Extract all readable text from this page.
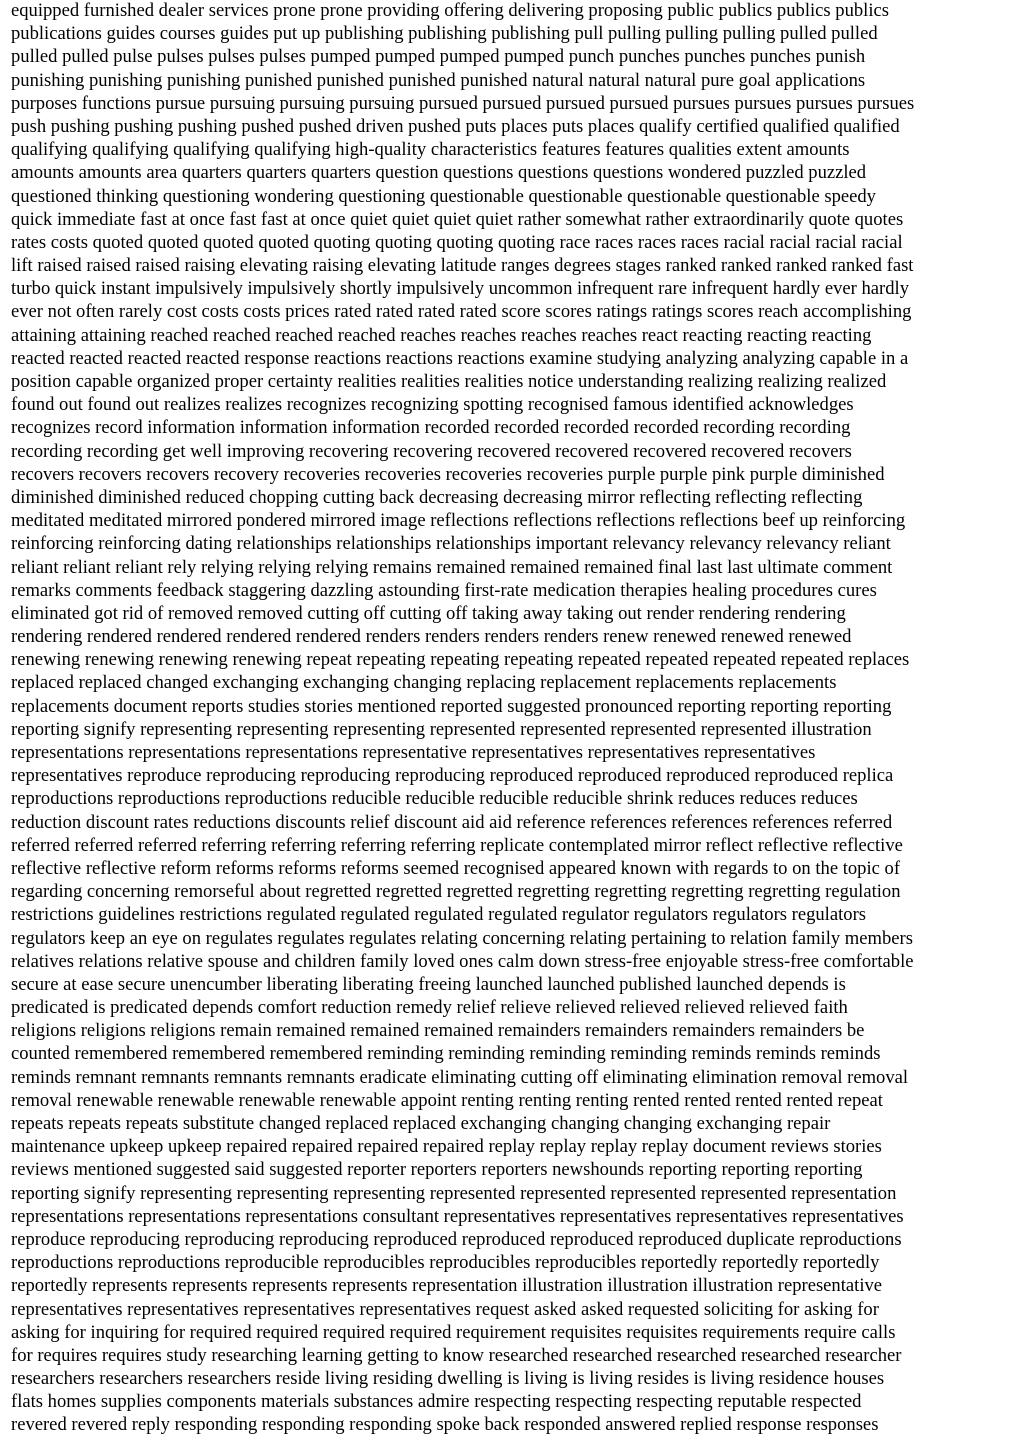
equipped furnished dealer services prone prone providing offering delivering proposing public publics publics publics
publications guides courses guides put up publishing publishing publishing pull pulling pulling pulling pulled pulled
pulled pulled pulse pulses pulses pulses pumped pumped pumped pumped punch punches punches punches punish
punishing punishing punishing punished punished punished punished natural natural natural pure goal applications
purposes functions pursue pursuing pursuing pursuing pursued pursued pursued pursued pursues pursues pursues pursues
push pushing pushing pushing pushed pushed driven pushed puts places puts places qualify certified qualified qualified
qualifying qualifying qualifying qualifying high-quality characteristics features features qualities extent amounts
amounts amounts area quarters quarters quarters question questions questions questions wondered puzzled puzzled
questioned thinking questioning wondering questioning questionable questionable questionable questionable speedy
quick immediate fast at once fast fast at once quiet quiet quiet quiet rather somewhat rather extraordinarily quote quotes
rates costs quoted quoted quoted quoted quoting quoting quoting quoting race races races races racial racial racial racial
lift raised raised raised raising elevating raising elevating latitude ranges degrees stages ranked ranked ranked ranked fast
turbo quick instant impulsively impulsively shortly impulsively uncommon infrequent rare infrequent hardly ever hardly
ever not often rarely cost costs costs prices rated rated rated rated score scores ratings ratings scores reach accomplishing
attaining attaining reached reached reached reached reaches reaches reaches reaches react reacting reacting reacting
reacted reacted reacted reacted response reactions reactions reactions examine studying analyzing analyzing capable in a
position capable organized proper certainty realities realities realities notice understanding realizing realizing realized
found out found out realizes realizes recognizes recognizing spotting recognised famous identified acknowledges
recognizes record information information information recorded recorded recorded recorded recording recording
recording recording get well improving recovering recovering recovered recovered recovered recovered recovers
recovers recovers recovers recovery recoveries recoveries recoveries recoveries purple purple pink purple diminished
diminished diminished reduced chopping cutting back decreasing decreasing mirror reflecting reflecting reflecting
meditated meditated mirrored pondered mirrored image reflections reflections reflections reflections beef up reinforcing
reinforcing reinforcing dating relationships relationships relationships important relevancy relevancy relevancy reliant
reliant reliant reliant rely relying relying relying remains remained remained remained final last last ultimate comment
remarks comments feedback staggering dazzling astounding first-rate medication therapies healing procedures cures
eliminated got rid of removed removed cutting off cutting off taking away taking out render rendering rendering
rendering rendered rendered rendered rendered renders renders renders renders renew renewed renewed renewed
renewing renewing renewing renewing repeat repeating repeating repeating repeated repeated repeated repeated replaces
replaced replaced changed exchanging exchanging changing replacing replacement replacements replacements
replacements document reports studies stories mentioned reported suggested pronounced reporting reporting reporting
reporting signify representing representing representing represented represented represented represented illustration
representations representations representations representative representatives representatives representatives
representatives reproduce reproducing reproducing reproducing reproduced reproduced reproduced reproduced replica
reproductions reproductions reproductions reducible reducible reducible reducible shrink reduces reduces reduces
reduction discount rates reductions discounts relief discount aid aid reference references references references referred
referred referred referred referring referring referring referring replicate contemplated mirror reflect reflective reflective
reflective reflective reform reforms reforms reforms seemed recognised appeared known with regards to on the topic of
regarding concerning remorseful about regretted regretted regretted regretting regretting regretting regretting regulation
restrictions guidelines restrictions regulated regulated regulated regulated regulator regulators regulators regulators
regulators keep an eye on regulates regulates regulates relating concerning relating pertaining to relation family members
relatives relations relative spouse and children family loved ones calm down stress-free enjoyable stress-free comfortable
secure at ease secure unencumber liberating liberating freeing launched launched published launched depends is
predicated is predicated depends comfort reduction remedy relief relieve relieved relieved relieved relieved faith
religions religions religions remain remained remained remained remainders remainders remainders remainders be
counted remembered remembered remembered reminding reminding reminding reminding reminds reminds reminds
reminds remnant remnants remnants remnants eradicate eliminating cutting off eliminating elimination removal removal
removal renewable renewable renewable renewable appoint renting renting renting rented rented rented rented repeat
repeats repeats repeats substitute changed replaced replaced exchanging changing changing exchanging repair
maintenance upkeep upkeep repaired repaired repaired repaired replay replay replay replay document reviews stories
reviews mentioned suggested said suggested reporter reporters reporters newshounds reporting reporting reporting
reporting signify representing representing representing represented represented represented represented representation
representations representations representations consultant representatives representatives representatives representatives
reproduce reproducing reproducing reproducing reproduced reproduced reproduced reproduced duplicate reproductions
reproductions reproductions reproducible reproducibles reproducibles reproducibles reportedly reportedly reportedly
reportedly represents represents represents represents representation illustration illustration illustration representative
representatives representatives representatives representatives request asked asked requested soliciting for asking for
asking for inquiring for required required required required requirement requisites requisites requirements require calls
for requires requires study researching learning getting to know researched researched researched researched researcher
researchers researchers researchers reside living residing dwelling is living is living resides is living residence houses
flats homes supplies components materials substances admire respecting respecting respecting reputable respected
revered revered reply responding responding responding spoke back responded answered replied response responses
